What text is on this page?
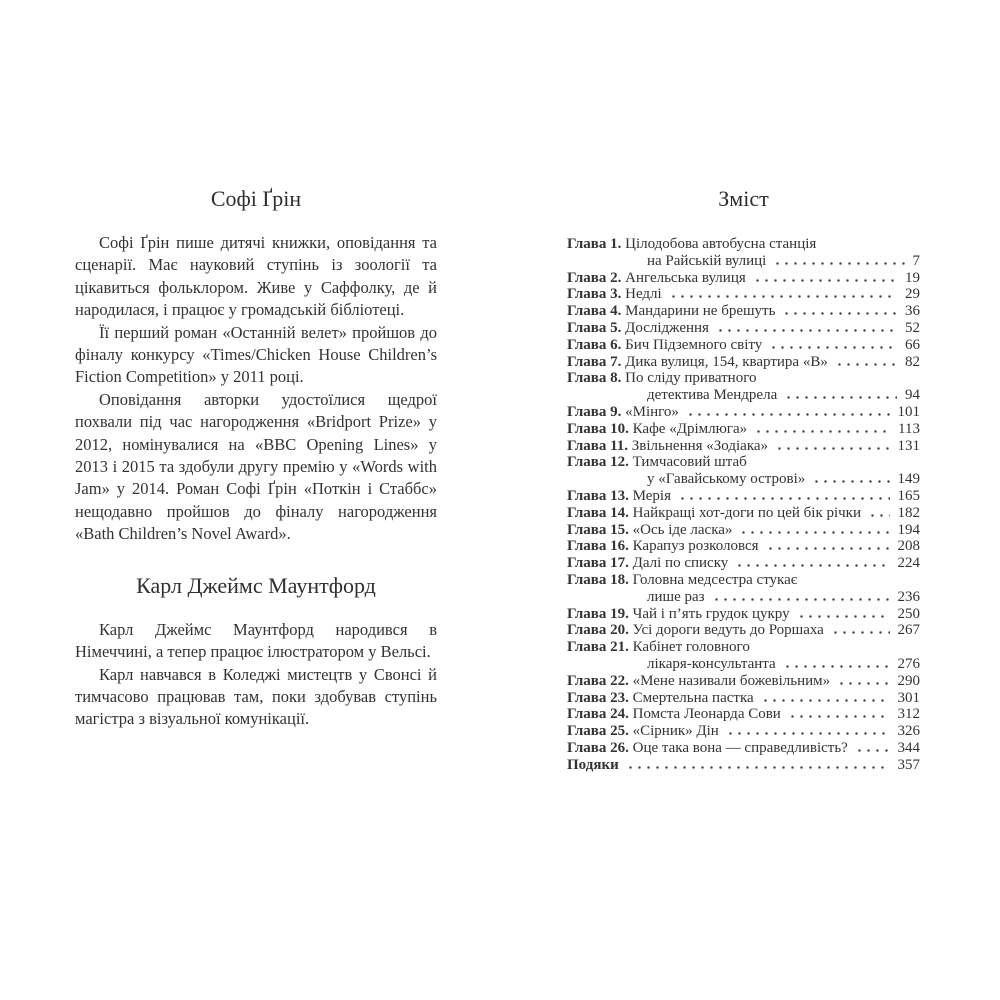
Софі Ґрін

Софі Ґрін пише дитячі книжки, оповідання та сценарії. Має науковий ступінь із зоології та цікавиться фольклором. Живе у Саффолку, де й народилася, і працює у громадській бібліотеці.

Її перший роман «Останній велет» пройшов до фіналу конкурсу «Times/Chicken House Children’s Fiction Competition» у 2011 році.

Оповідання авторки удостоїлися щедрої похвали під час нагородження «Bridport Prize» у 2012, номінувалися на «BBC Opening Lines» у 2013 і 2015 та здобули другу премію у «Words with Jam» у 2014. Роман Софі Ґрін «Поткін і Стаббс» нещодавно пройшов до фіналу нагородження «Bath Children’s Novel Award».

Карл Джеймс Маунтфорд

Карл Джеймс Маунтфорд народився в Німеччині, а тепер працює ілюстратором у Вельсі.

Карл навчався в Коледжі мистецтв у Свонсі й тимчасово працював там, поки здобував ступінь магістра з візуальної комунікації.

Зміст
Глава 1. Цілодобова автобусна станція
на Райській вулиці	7
Глава 2. Ангельська вулиця	19
Глава 3. Недлі	29
Глава 4. Мандарини не брешуть	36
Глава 5. Дослідження	52
Глава 6. Бич Підземного світу	66
Глава 7. Дика вулиця, 154, квартира «В»	82
Глава 8. По сліду приватного
детектива Мендрела	94
Глава 9. «Мінго»	101
Глава 10. Кафе «Дрімлюга»	113
Глава 11. Звільнення «Зодіака»	131
Глава 12. Тимчасовий штаб
у «Гавайському острові»	149
Глава 13. Мерія	165
Глава 14. Найкращі хот-доги по цей бік річки 182
Глава 15. «Ось іде ласка»	194
Глава 16. Карапуз розколовся	208
Глава 17. Далі по списку	224
Глава 18. Головна медсестра стукає
лише раз	236
Глава 19. Чай і п’ять грудок цукру	250
Глава 20. Усі дороги ведуть до Роршаха	267
Глава 21. Кабінет головного
лікаря-консультанта	276
Глава 22. «Мене називали божевільним»	290
Глава 23. Смертельна пастка	301
Глава 24. Помста Леонарда Сови	312
Глава 25. «Сірник» Дін	326
Глава 26. Оце така вона — справедливість?	344
Подяки	357
